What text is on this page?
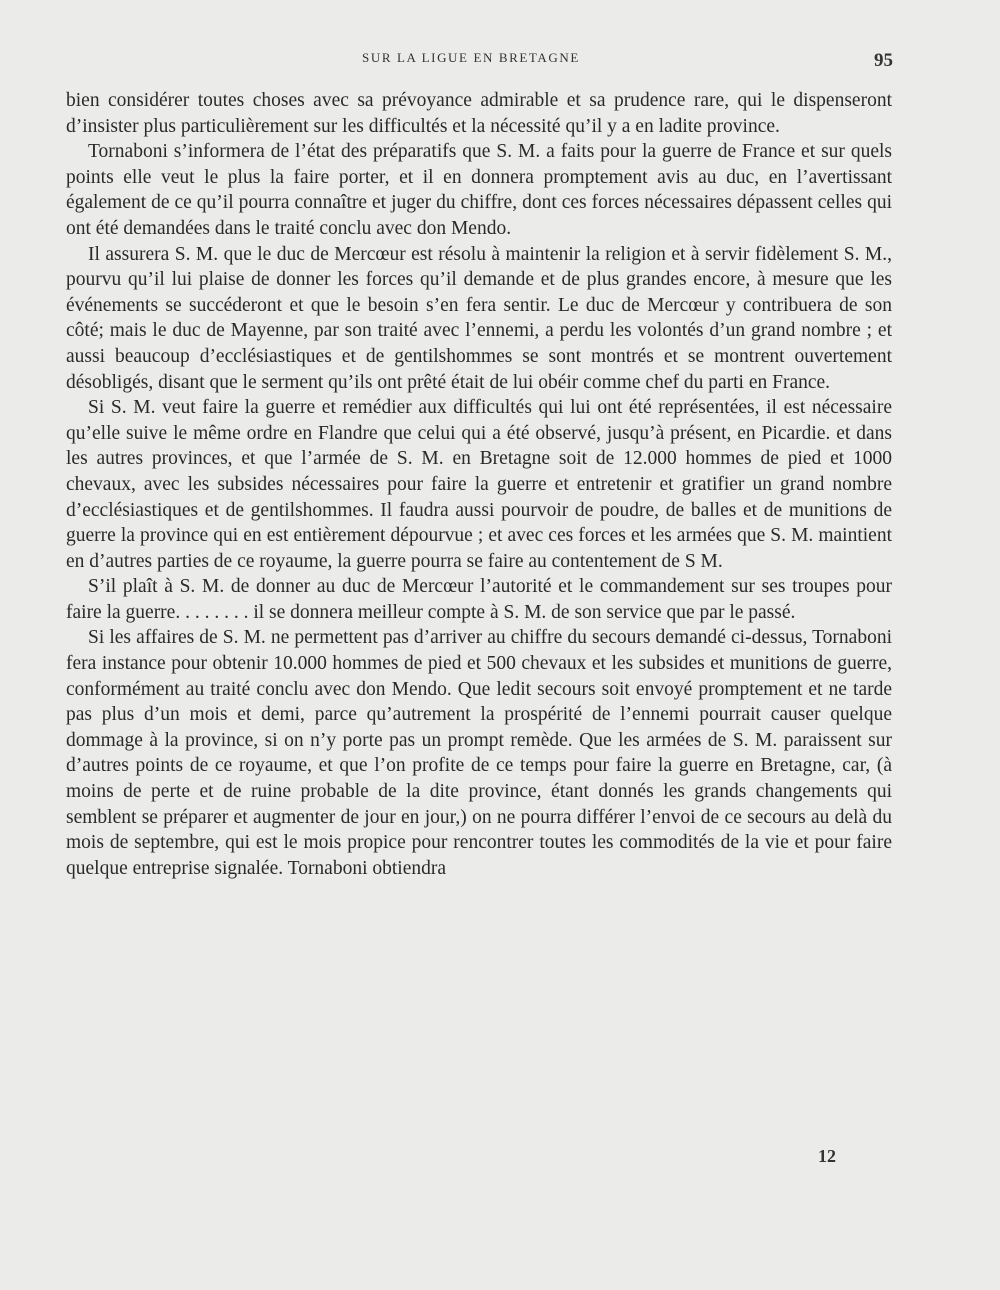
SUR LA LIGUE EN BRETAGNE	95

bien considérer toutes choses avec sa prévoyance admirable et sa prudence rare, qui le dispenseront d’insister plus particulièrement sur les difficultés et la nécessité qu’il y a en ladite province.

Tornaboni s’informera de l’état des préparatifs que S. M. a faits pour la guerre de France et sur quels points elle veut le plus la faire porter, et il en donnera promptement avis au duc, en l’avertissant également de ce qu’il pourra connaître et juger du chiffre, dont ces forces nécessaires dépassent celles qui ont été demandées dans le traité conclu avec don Mendo.

Il assurera S. M. que le duc de Mercœur est résolu à maintenir la religion et à servir fidèlement S. M., pourvu qu’il lui plaise de donner les forces qu’il demande et de plus grandes encore, à mesure que les événements se succéderont et que le besoin s’en fera sentir. Le duc de Mercœur y contribuera de son côté; mais le duc de Mayenne, par son traité avec l’ennemi, a perdu les volontés d’un grand nombre ; et aussi beaucoup d’ecclésiastiques et de gentilshommes se sont montrés et se montrent ouvertement désobligés, disant que le serment qu’ils ont prêté était de lui obéir comme chef du parti en France.

Si S. M. veut faire la guerre et remédier aux difficultés qui lui ont été représentées, il est nécessaire qu’elle suive le même ordre en Flandre que celui qui a été observé, jusqu’à présent, en Picardie. et dans les autres provinces, et que l’armée de S. M. en Bretagne soit de 12.000 hommes de pied et 1000 chevaux, avec les subsides nécessaires pour faire la guerre et entretenir et gratifier un grand nombre d’ecclésiastiques et de gentilshommes. Il faudra aussi pourvoir de poudre, de balles et de munitions de guerre la province qui en est entièrement dépourvue ; et avec ces forces et les armées que S. M. maintient en d’autres parties de ce royaume, la guerre pourra se faire au contentement de S M.

S’il plaît à S. M. de donner au duc de Mercœur l’autorité et le commandement sur ses troupes pour faire la guerre. . . . . . . . il se donnera meilleur compte à S. M. de son service que par le passé.

Si les affaires de S. M. ne permettent pas d’arriver au chiffre du secours demandé ci-dessus, Tornaboni fera instance pour obtenir 10.000 hommes de pied et 500 chevaux et les subsides et munitions de guerre, conformément au traité conclu avec don Mendo. Que ledit secours soit envoyé promptement et ne tarde pas plus d’un mois et demi, parce qu’autrement la prospérité de l’ennemi pourrait causer quelque dommage à la province, si on n’y porte pas un prompt remède. Que les armées de S. M. paraissent sur d’autres points de ce royaume, et que l’on profite de ce temps pour faire la guerre en Bretagne, car, (à moins de perte et de ruine probable de la dite province, étant donnés les grands changements qui semblent se préparer et augmenter de jour en jour,) on ne pourra différer l’envoi de ce secours au delà du mois de septembre, qui est le mois propice pour rencontrer toutes les commodités de la vie et pour faire quelque entreprise signalée. Tornaboni obtiendra

12
